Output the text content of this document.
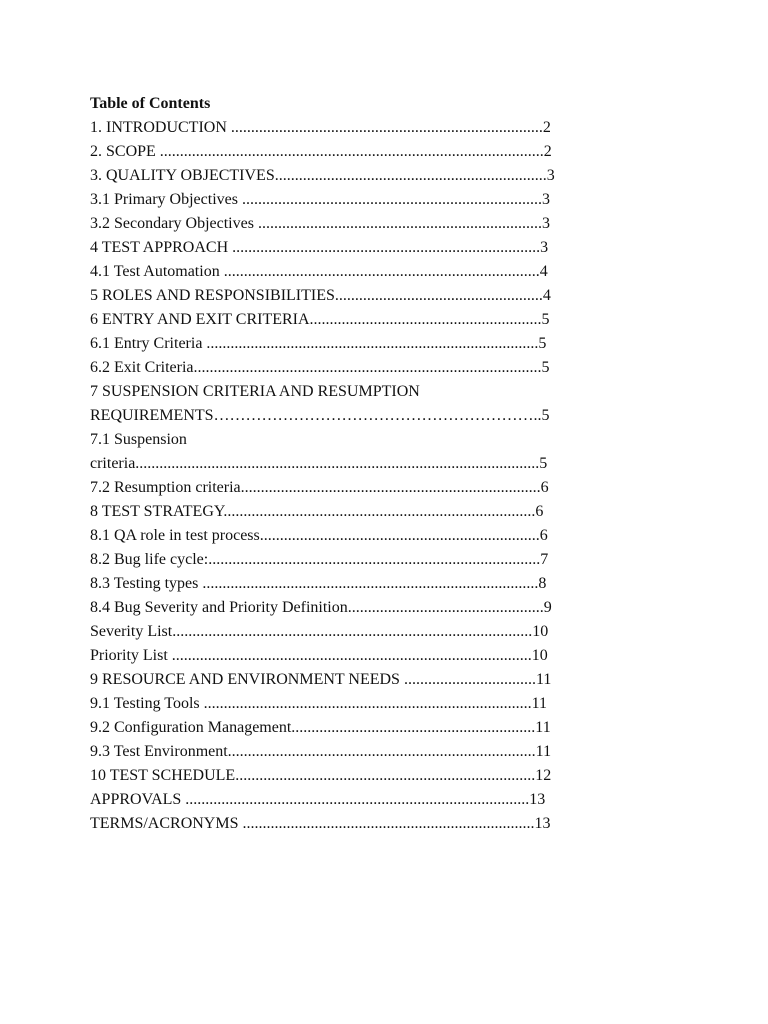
Table of Contents
1. INTRODUCTION ..............................................................................2
2. SCOPE ................................................................................................2
3. QUALITY OBJECTIVES....................................................................3
3.1 Primary Objectives ...........................................................................3
3.2 Secondary Objectives .......................................................................3
4 TEST APPROACH .............................................................................3
4.1 Test Automation ...............................................................................4
5 ROLES AND RESPONSIBILITIES....................................................4
6 ENTRY AND EXIT CRITERIA..........................................................5
6.1 Entry Criteria ...................................................................................5
6.2 Exit Criteria.......................................................................................5
7 SUSPENSION CRITERIA AND RESUMPTION
REQUIREMENTS……………………………………………………..5
7.1 Suspension
criteria.....................................................................................................5
7.2 Resumption criteria...........................................................................6
8 TEST STRATEGY..............................................................................6
8.1 QA role in test process......................................................................6
8.2 Bug life cycle:...................................................................................7
8.3 Testing types ....................................................................................8
8.4 Bug Severity and Priority Definition.................................................9
Severity List..........................................................................................10
Priority List ..........................................................................................10
9 RESOURCE AND ENVIRONMENT NEEDS .................................11
9.1 Testing Tools ..................................................................................11
9.2 Configuration Management.............................................................11
9.3 Test Environment.............................................................................11
10 TEST SCHEDULE...........................................................................12
APPROVALS ......................................................................................13
TERMS/ACRONYMS .........................................................................13
